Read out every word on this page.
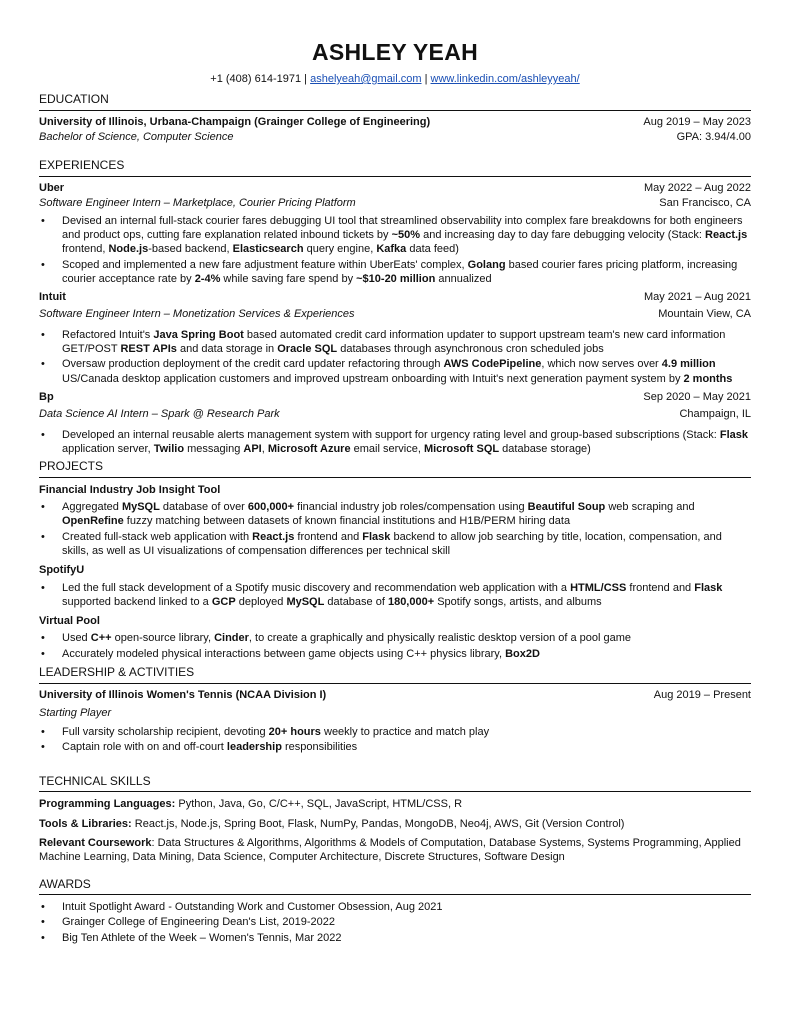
ASHLEY YEAH
+1 (408) 614-1971 | ashelyeah@gmail.com | www.linkedin.com/ashleyyeah/
EDUCATION
University of Illinois, Urbana-Champaign (Grainger College of Engineering)	Aug 2019 – May 2023
Bachelor of Science, Computer Science	GPA: 3.94/4.00
EXPERIENCES
Uber	May 2022 – Aug 2022
Software Engineer Intern – Marketplace, Courier Pricing Platform	San Francisco, CA
• Devised an internal full-stack courier fares debugging UI tool that streamlined observability into complex fare breakdowns for both engineers and product ops, cutting fare explanation related inbound tickets by ~50% and increasing day to day fare debugging velocity (Stack: React.js frontend, Node.js-based backend, Elasticsearch query engine, Kafka data feed)
• Scoped and implemented a new fare adjustment feature within UberEats' complex, Golang based courier fares pricing platform, increasing courier acceptance rate by 2-4% while saving fare spend by ~$10-20 million annualized
Intuit	May 2021 – Aug 2021
Software Engineer Intern – Monetization Services & Experiences	Mountain View, CA
• Refactored Intuit's Java Spring Boot based automated credit card information updater to support upstream team's new card information GET/POST REST APIs and data storage in Oracle SQL databases through asynchronous cron scheduled jobs
• Oversaw production deployment of the credit card updater refactoring through AWS CodePipeline, which now serves over 4.9 million US/Canada desktop application customers and improved upstream onboarding with Intuit's next generation payment system by 2 months
Bp	Sep 2020 – May 2021
Data Science AI Intern – Spark @ Research Park	Champaign, IL
• Developed an internal reusable alerts management system with support for urgency rating level and group-based subscriptions (Stack: Flask application server, Twilio messaging API, Microsoft Azure email service, Microsoft SQL database storage)
PROJECTS
Financial Industry Job Insight Tool
• Aggregated MySQL database of over 600,000+ financial industry job roles/compensation using Beautiful Soup web scraping and OpenRefine fuzzy matching between datasets of known financial institutions and H1B/PERM hiring data
• Created full-stack web application with React.js frontend and Flask backend to allow job searching by title, location, compensation, and skills, as well as UI visualizations of compensation differences per technical skill
SpotifyU
• Led the full stack development of a Spotify music discovery and recommendation web application with a HTML/CSS frontend and Flask supported backend linked to a GCP deployed MySQL database of 180,000+ Spotify songs, artists, and albums
Virtual Pool
• Used C++ open-source library, Cinder, to create a graphically and physically realistic desktop version of a pool game
• Accurately modeled physical interactions between game objects using C++ physics library, Box2D
LEADERSHIP & ACTIVITIES
University of Illinois Women's Tennis (NCAA Division I)	Aug 2019 – Present
Starting Player
• Full varsity scholarship recipient, devoting 20+ hours weekly to practice and match play
• Captain role with on and off-court leadership responsibilities
TECHNICAL SKILLS
Programming Languages: Python, Java, Go, C/C++, SQL, JavaScript, HTML/CSS, R
Tools & Libraries: React.js, Node.js, Spring Boot, Flask, NumPy, Pandas, MongoDB, Neo4j, AWS, Git (Version Control)
Relevant Coursework: Data Structures & Algorithms, Algorithms & Models of Computation, Database Systems, Systems Programming, Applied Machine Learning, Data Mining, Data Science, Computer Architecture, Discrete Structures, Software Design
AWARDS
• Intuit Spotlight Award - Outstanding Work and Customer Obsession, Aug 2021
• Grainger College of Engineering Dean's List, 2019-2022
• Big Ten Athlete of the Week – Women's Tennis, Mar 2022
